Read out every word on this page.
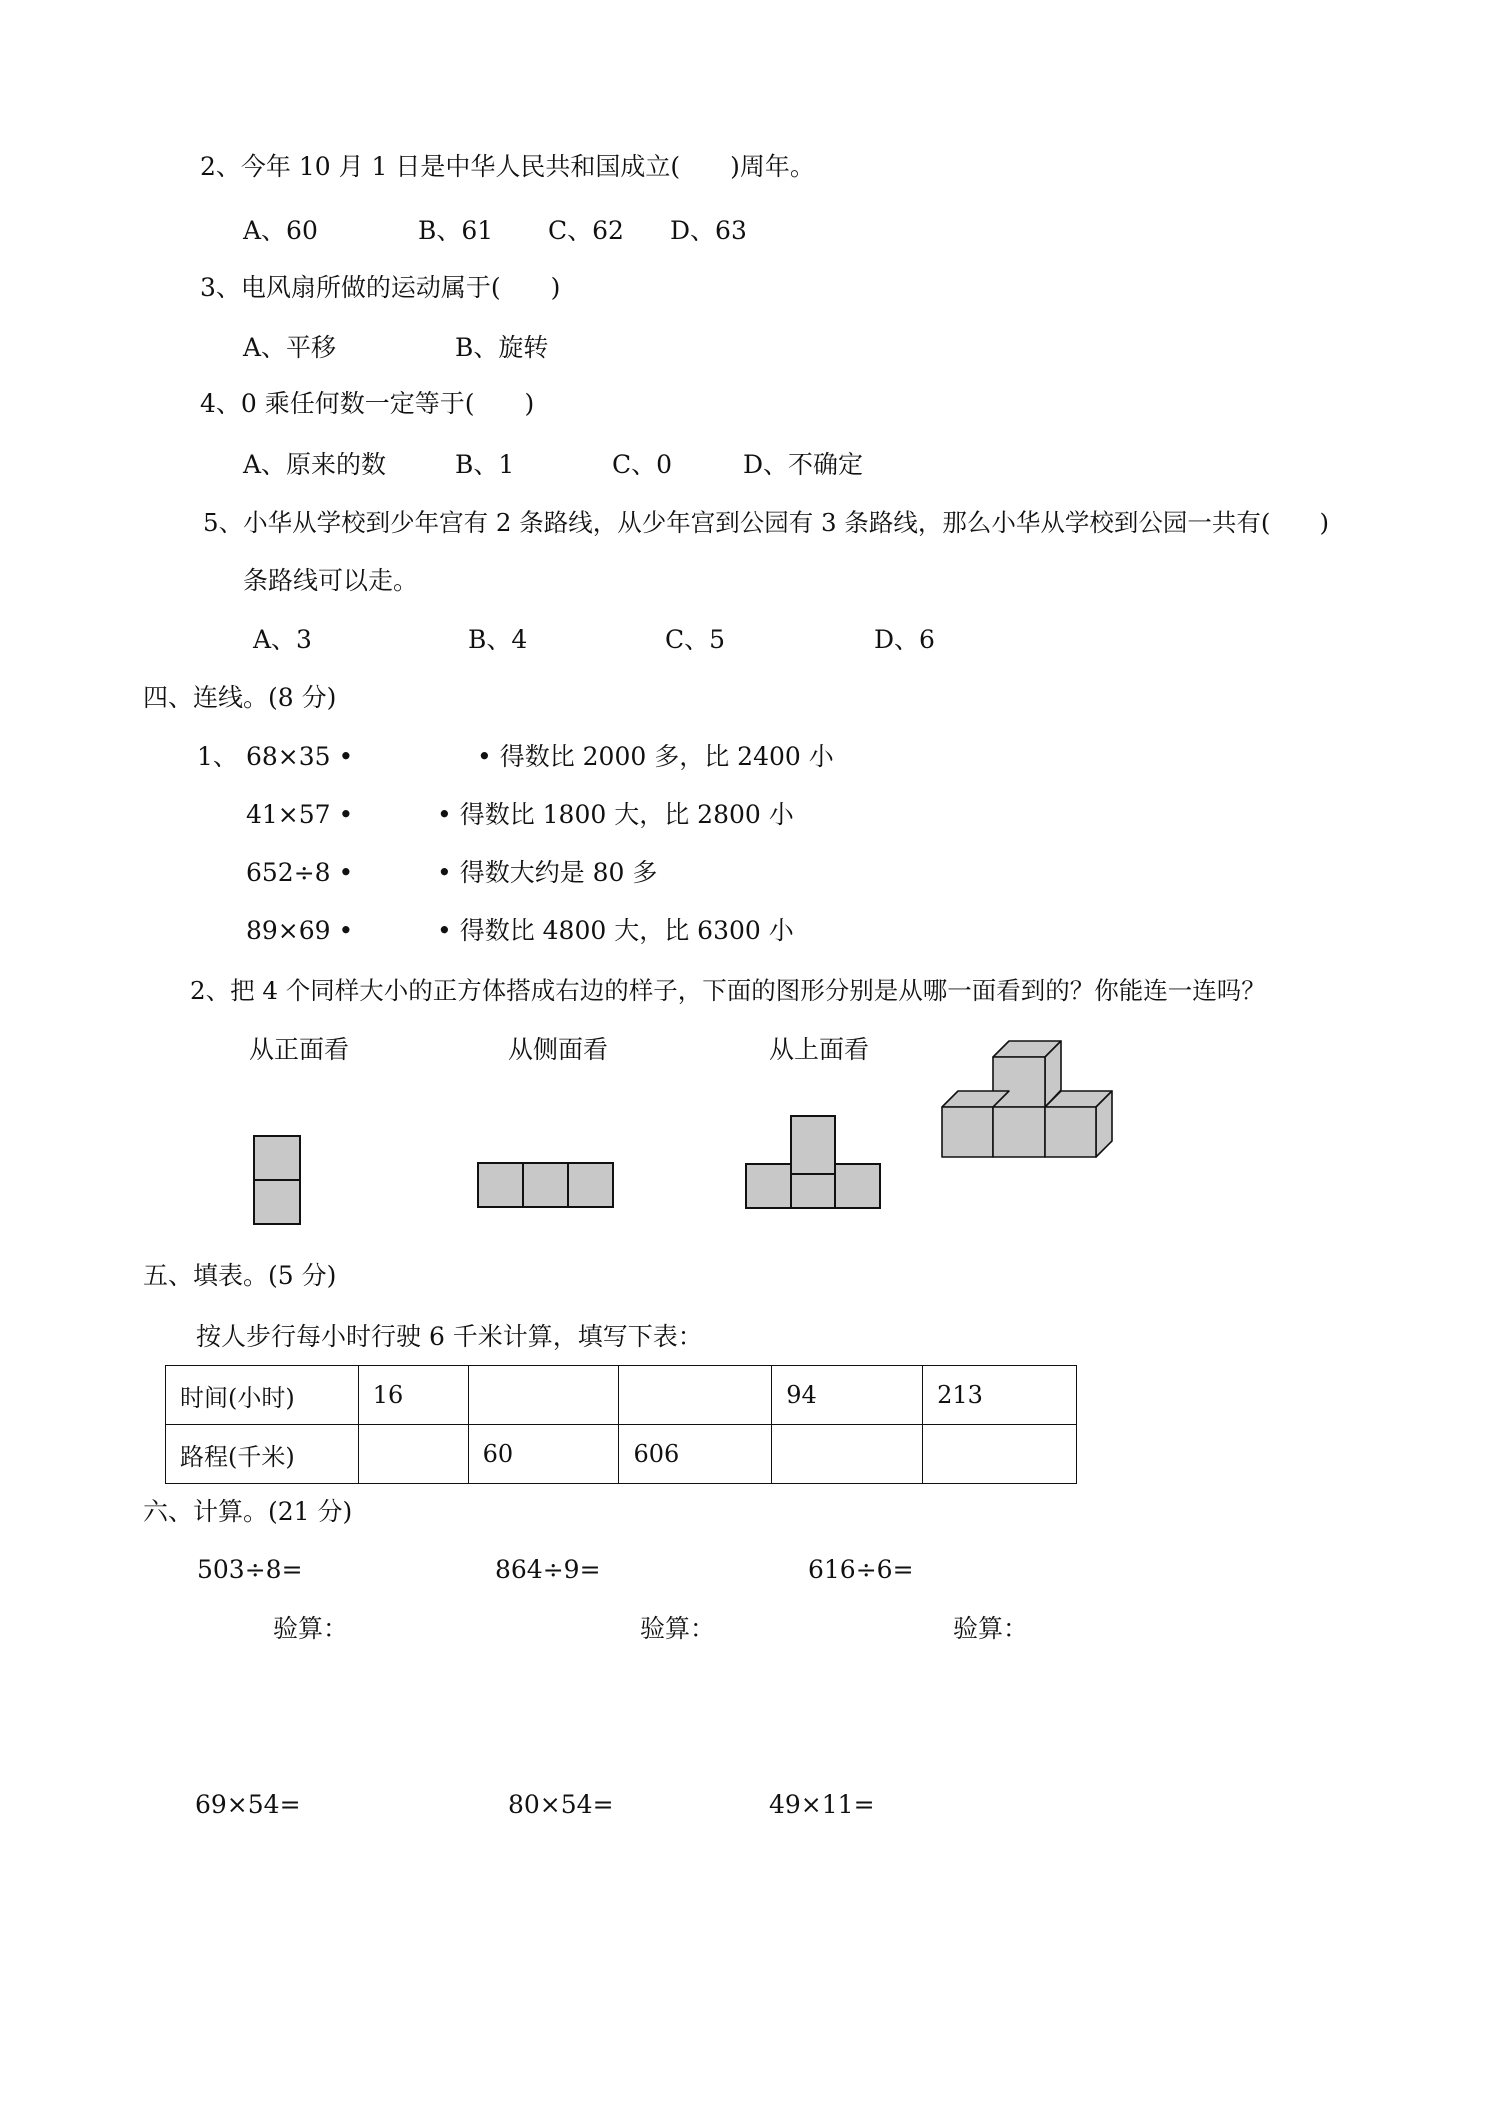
2、今年 10 月 1 日是中华人民共和国成立(　　)周年。
A、60	B、61 C、62 D、63
3、电风扇所做的运动属于(　　)
A、平移	B、旋转
4、0 乘任何数一定等于(　　)
A、原来的数	B、1	C、0	D、不确定
5、小华从学校到少年宫有 2 条路线，从少年宫到公园有 3 条路线，那么小华从学校到公园一共有(　　)
条路线可以走。
A、3	B、4	C、5	D、6
四、连线。(8 分)
1、 68×35 •	• 得数比 2000 多，比 2400 小
41×57 •	• 得数比 1800 大，比 2800 小
652÷8 •	• 得数大约是 80 多
89×69 •	• 得数比 4800 大，比 6300 小
2、把 4 个同样大小的正方体搭成右边的样子，下面的图形分别是从哪一面看到的？你能连一连吗？
从正面看	从侧面看	从上面看
五、填表。(5 分)
按人步行每小时行驶 6 千米计算，填写下表：
时间(小时)	16			94	213
路程(千米)		60	606		
六、计算。(21 分)
503÷8=	864÷9=	616÷6=
验算：	验算：	验算：
69×54=	80×54=	49×11=
